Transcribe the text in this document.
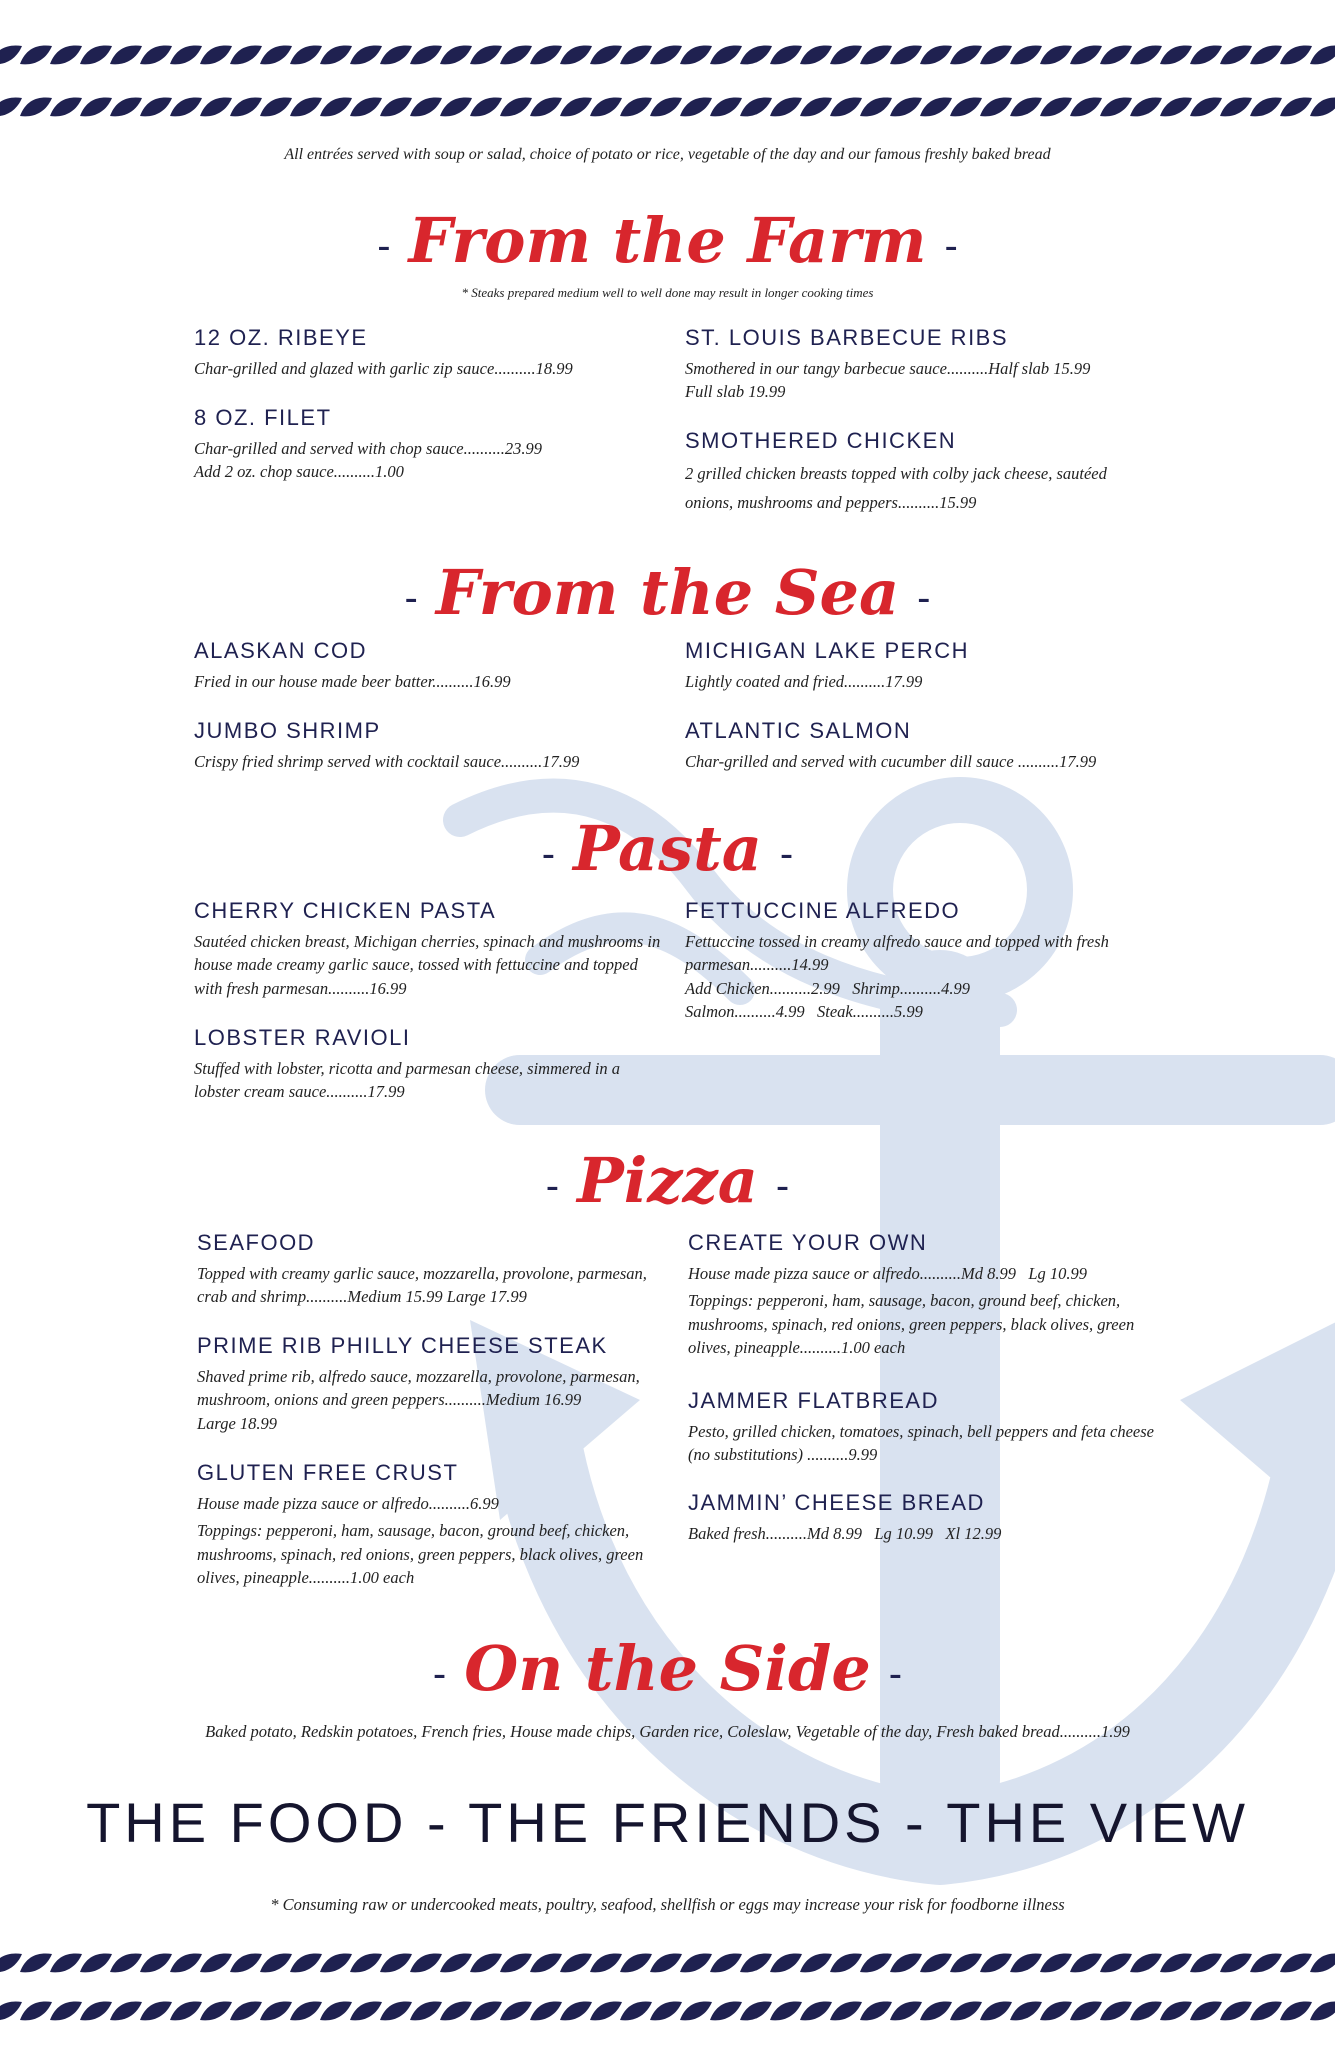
All entrées served with soup or salad, choice of potato or rice, vegetable of the day and our famous freshly baked bread
- From the Farm -
* Steaks prepared medium well to well done may result in longer cooking times
12 OZ. RIBEYE
Char-grilled and glazed with garlic zip sauce..........18.99
8 OZ. FILET
Char-grilled and served with chop sauce..........23.99
Add 2 oz. chop sauce..........1.00
ST. LOUIS BARBECUE RIBS
Smothered in our tangy barbecue sauce..........Half slab 15.99
Full slab 19.99
SMOTHERED CHICKEN
2 grilled chicken breasts topped with colby jack cheese, sautéed onions, mushrooms and peppers..........15.99
- From the Sea -
ALASKAN COD
Fried in our house made beer batter..........16.99
JUMBO SHRIMP
Crispy fried shrimp served with cocktail sauce..........17.99
MICHIGAN LAKE PERCH
Lightly coated and fried..........17.99
ATLANTIC SALMON
Char-grilled and served with cucumber dill sauce ..........17.99
- Pasta -
CHERRY CHICKEN PASTA
Sautéed chicken breast, Michigan cherries, spinach and mushrooms in house made creamy garlic sauce, tossed with fettuccine and topped with fresh parmesan..........16.99
LOBSTER RAVIOLI
Stuffed with lobster, ricotta and parmesan cheese, simmered in a lobster cream sauce..........17.99
FETTUCCINE ALFREDO
Fettuccine tossed in creamy alfredo sauce and topped with fresh parmesan..........14.99
Add Chicken..........2.99   Shrimp..........4.99
Salmon..........4.99   Steak..........5.99
- Pizza -
SEAFOOD
Topped with creamy garlic sauce, mozzarella, provolone, parmesan, crab and shrimp..........Medium 15.99 Large 17.99
PRIME RIB PHILLY CHEESE STEAK
Shaved prime rib, alfredo sauce, mozzarella, provolone, parmesan, mushroom, onions and green peppers..........Medium 16.99
Large 18.99
GLUTEN FREE CRUST
House made pizza sauce or alfredo..........6.99
Toppings: pepperoni, ham, sausage, bacon, ground beef, chicken, mushrooms, spinach, red onions, green peppers, black olives, green olives, pineapple..........1.00 each
CREATE YOUR OWN
House made pizza sauce or alfredo..........Md 8.99   Lg 10.99
Toppings: pepperoni, ham, sausage, bacon, ground beef, chicken, mushrooms, spinach, red onions, green peppers, black olives, green olives, pineapple..........1.00 each
JAMMER FLATBREAD
Pesto, grilled chicken, tomatoes, spinach, bell peppers and feta cheese (no substitutions) ..........9.99
JAMMIN’ CHEESE BREAD
Baked fresh..........Md 8.99   Lg 10.99   Xl 12.99
- On the Side -
Baked potato, Redskin potatoes, French fries, House made chips, Garden rice, Coleslaw, Vegetable of the day, Fresh baked bread..........1.99
THE FOOD - THE FRIENDS - THE VIEW
* Consuming raw or undercooked meats, poultry, seafood, shellfish or eggs may increase your risk for foodborne illness
